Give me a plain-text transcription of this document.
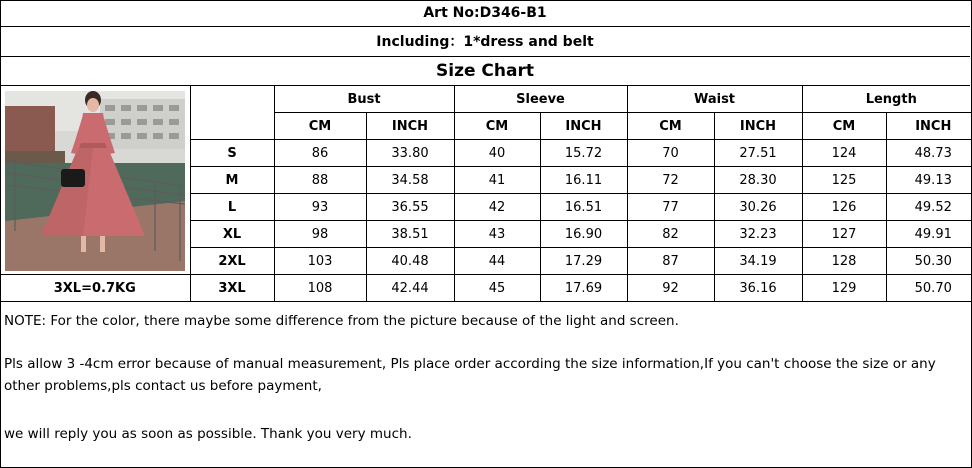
Art No:D346-B1
Including：1*dress and belt
Size Chart
		Bust		Sleeve		Waist		Length	
		CM	INCH	CM	INCH	CM	INCH	CM	INCH
	S	86	33.80	40	15.72	70	27.51	124	48.73
	M	88	34.58	41	16.11	72	28.30	125	49.13
	L	93	36.55	42	16.51	77	30.26	126	49.52
	XL	98	38.51	43	16.90	82	32.23	127	49.91
	2XL	103	40.48	44	17.29	87	34.19	128	50.30
3XL=0.7KG	3XL	108	42.44	45	17.69	92	36.16	129	50.70

NOTE: For the color, there maybe some difference from the picture because of the light and screen.

Pls allow 3 -4cm error because of manual measurement, Pls place order according the size information,If you can't choose the size or any other problems,pls contact us before payment,

we will reply you as soon as possible. Thank you very much.
